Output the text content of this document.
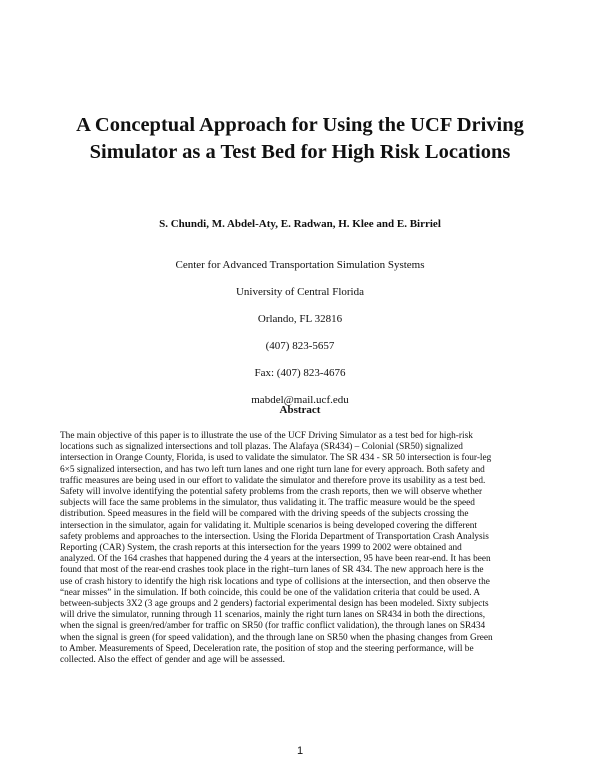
A Conceptual Approach for Using the UCF Driving
Simulator as a Test Bed for High Risk Locations
S. Chundi, M. Abdel-Aty, E. Radwan, H. Klee and E. Birriel
Center for Advanced Transportation Simulation Systems
University of Central Florida
Orlando, FL 32816
(407) 823-5657
Fax: (407) 823-4676
mabdel@mail.ucf.edu
Abstract
The main objective of this paper is to illustrate the use of the UCF Driving Simulator as a test bed for high-risk
locations such as signalized intersections and toll plazas. The Alafaya (SR434) – Colonial (SR50) signalized
intersection in Orange County, Florida, is used to validate the simulator. The SR 434 - SR 50 intersection is four-leg
6×5 signalized intersection, and has two left turn lanes and one right turn lane for every approach. Both safety and
traffic measures are being used in our effort to validate the simulator and therefore prove its usability as a test bed.
Safety will involve identifying the potential safety problems from the crash reports, then we will observe whether
subjects will face the same problems in the simulator, thus validating it. The traffic measure would be the speed
distribution. Speed measures in the field will be compared with the driving speeds of the subjects crossing the
intersection in the simulator, again for validating it. Multiple scenarios is being developed covering the different
safety problems and approaches to the intersection. Using the Florida Department of Transportation Crash Analysis
Reporting (CAR) System, the crash reports at this intersection for the years 1999 to 2002 were obtained and
analyzed. Of the 164 crashes that happened during the 4 years at the intersection, 95 have been rear-end. It has been
found that most of the rear-end crashes took place in the right–turn lanes of SR 434. The new approach here is the
use of crash history to identify the high risk locations and type of collisions at the intersection, and then observe the
“near misses” in the simulation. If both coincide, this could be one of the validation criteria that could be used. A
between-subjects 3X2 (3 age groups and 2 genders) factorial experimental design has been modeled. Sixty subjects
will drive the simulator, running through 11 scenarios, mainly the right turn lanes on SR434 in both the directions,
when the signal is green/red/amber for traffic on SR50 (for traffic conflict validation), the through lanes on SR434
when the signal is green (for speed validation), and the through lane on SR50 when the phasing changes from Green
to Amber. Measurements of Speed, Deceleration rate, the position of stop and the steering performance, will be
collected. Also the effect of gender and age will be assessed.
1
